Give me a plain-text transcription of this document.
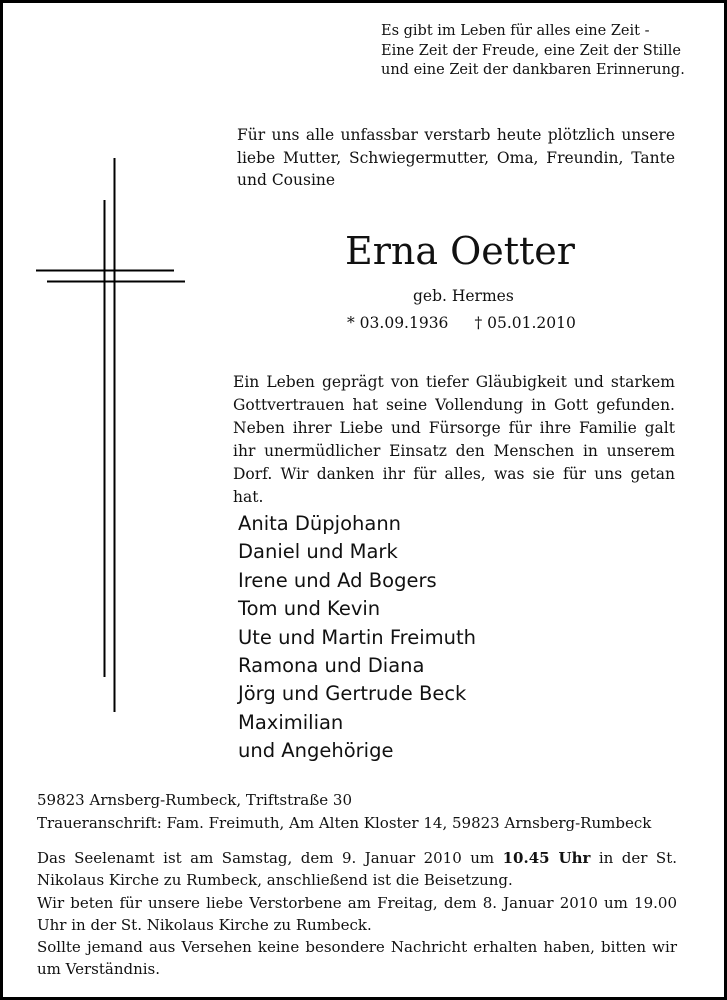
Es gibt im Leben für alles eine Zeit -
Eine Zeit der Freude, eine Zeit der Stille
und eine Zeit der dankbaren Erinnerung.
Für uns alle unfassbar verstarb heute plötzlich unsere liebe Mutter, Schwiegermutter, Oma, Freundin, Tante und Cousine
Erna Oetter
geb. Hermes
* 03.09.1936 † 05.01.2010
Ein Leben geprägt von tiefer Gläubigkeit und starkem Gottvertrauen hat seine Vollendung in Gott gefunden. Neben ihrer Liebe und Fürsorge für ihre Familie galt ihr unermüdlicher Einsatz den Menschen in unserem Dorf. Wir danken ihr für alles, was sie für uns getan hat.
Anita Düpjohann
Daniel und Mark
Irene und Ad Bogers
Tom und Kevin
Ute und Martin Freimuth
Ramona und Diana
Jörg und Gertrude Beck
Maximilian
und Angehörige
59823 Arnsberg-Rumbeck, Triftstraße 30
Traueranschrift: Fam. Freimuth, Am Alten Kloster 14, 59823 Arnsberg-Rumbeck
Das Seelenamt ist am Samstag, dem 9. Januar 2010 um 10.45 Uhr in der St. Nikolaus Kirche zu Rumbeck, anschließend ist die Beisetzung.
Wir beten für unsere liebe Verstorbene am Freitag, dem 8. Januar 2010 um 19.00 Uhr in der St. Nikolaus Kirche zu Rumbeck.
Sollte jemand aus Versehen keine besondere Nachricht erhalten haben, bitten wir um Verständnis.
